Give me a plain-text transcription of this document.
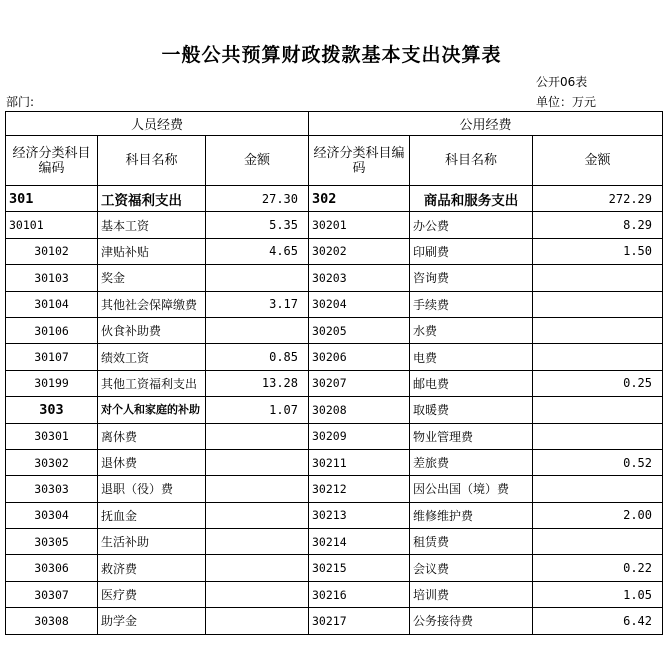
一般公共预算财政拨款基本支出决算表
公开06表
部门:	单位：万元
人员经费			公用经费		
经济分类科目编码	科目名称	金额	经济分类科目编码	科目名称	金额
301	工资福利支出	27.30	302	商品和服务支出	272.29
30101	基本工资	5.35	30201	办公费	8.29
30102	津贴补贴	4.65	30202	印刷费	1.50
30103	奖金		30203	咨询费	
30104	其他社会保障缴费	3.17	30204	手续费	
30106	伙食补助费		30205	水费	
30107	绩效工资	0.85	30206	电费	
30199	其他工资福利支出	13.28	30207	邮电费	0.25
303	对个人和家庭的补助	1.07	30208	取暖费	
30301	离休费		30209	物业管理费	
30302	退休费		30211	差旅费	0.52
30303	退职（役）费		30212	因公出国（境）费	
30304	抚血金		30213	维修维护费	2.00
30305	生活补助		30214	租赁费	
30306	救济费		30215	会议费	0.22
30307	医疗费		30216	培训费	1.05
30308	助学金		30217	公务接待费	6.42
